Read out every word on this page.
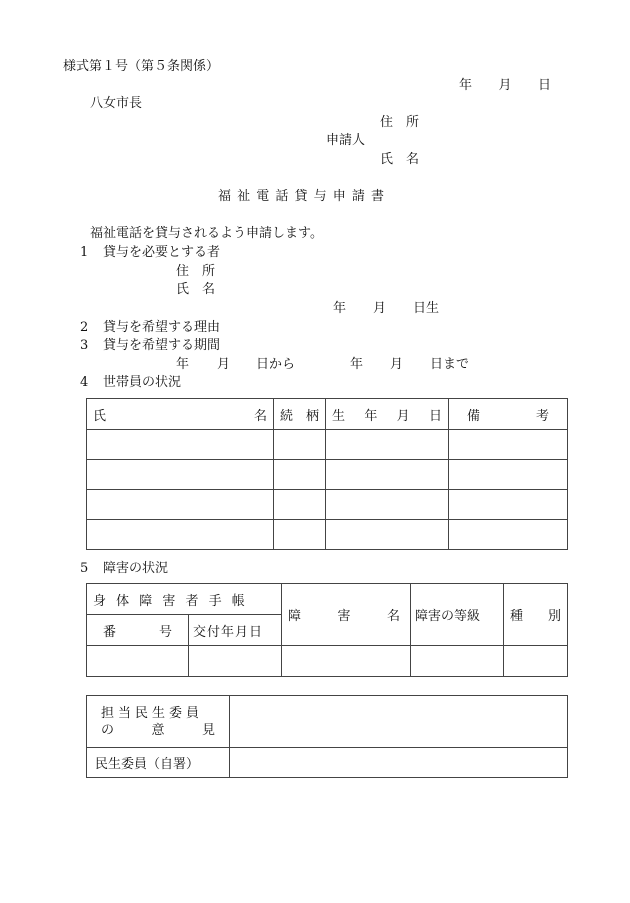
様式第１号（第５条関係）
年 月 日
八女市長
住　所
申請人
氏　名
福 祉 電 話 貸 与 申 請 書
福祉電話を貸与されるよう申請します。
1 貸与を必要とする者
住　所
氏　名
年 月 日生
2 貸与を希望する理由
3 貸与を希望する期間
年 月 日から	年 月 日まで
4 世帯員の状況
氏 名	続 柄	生 年 月 日	備 考

5 障害の状況
身 体 障 害 者 手 帳		障 害 名	障害の等級	種 別

番 号	交付年月日			

担当民生委員
の 意 見	

民生委員（自署）	
